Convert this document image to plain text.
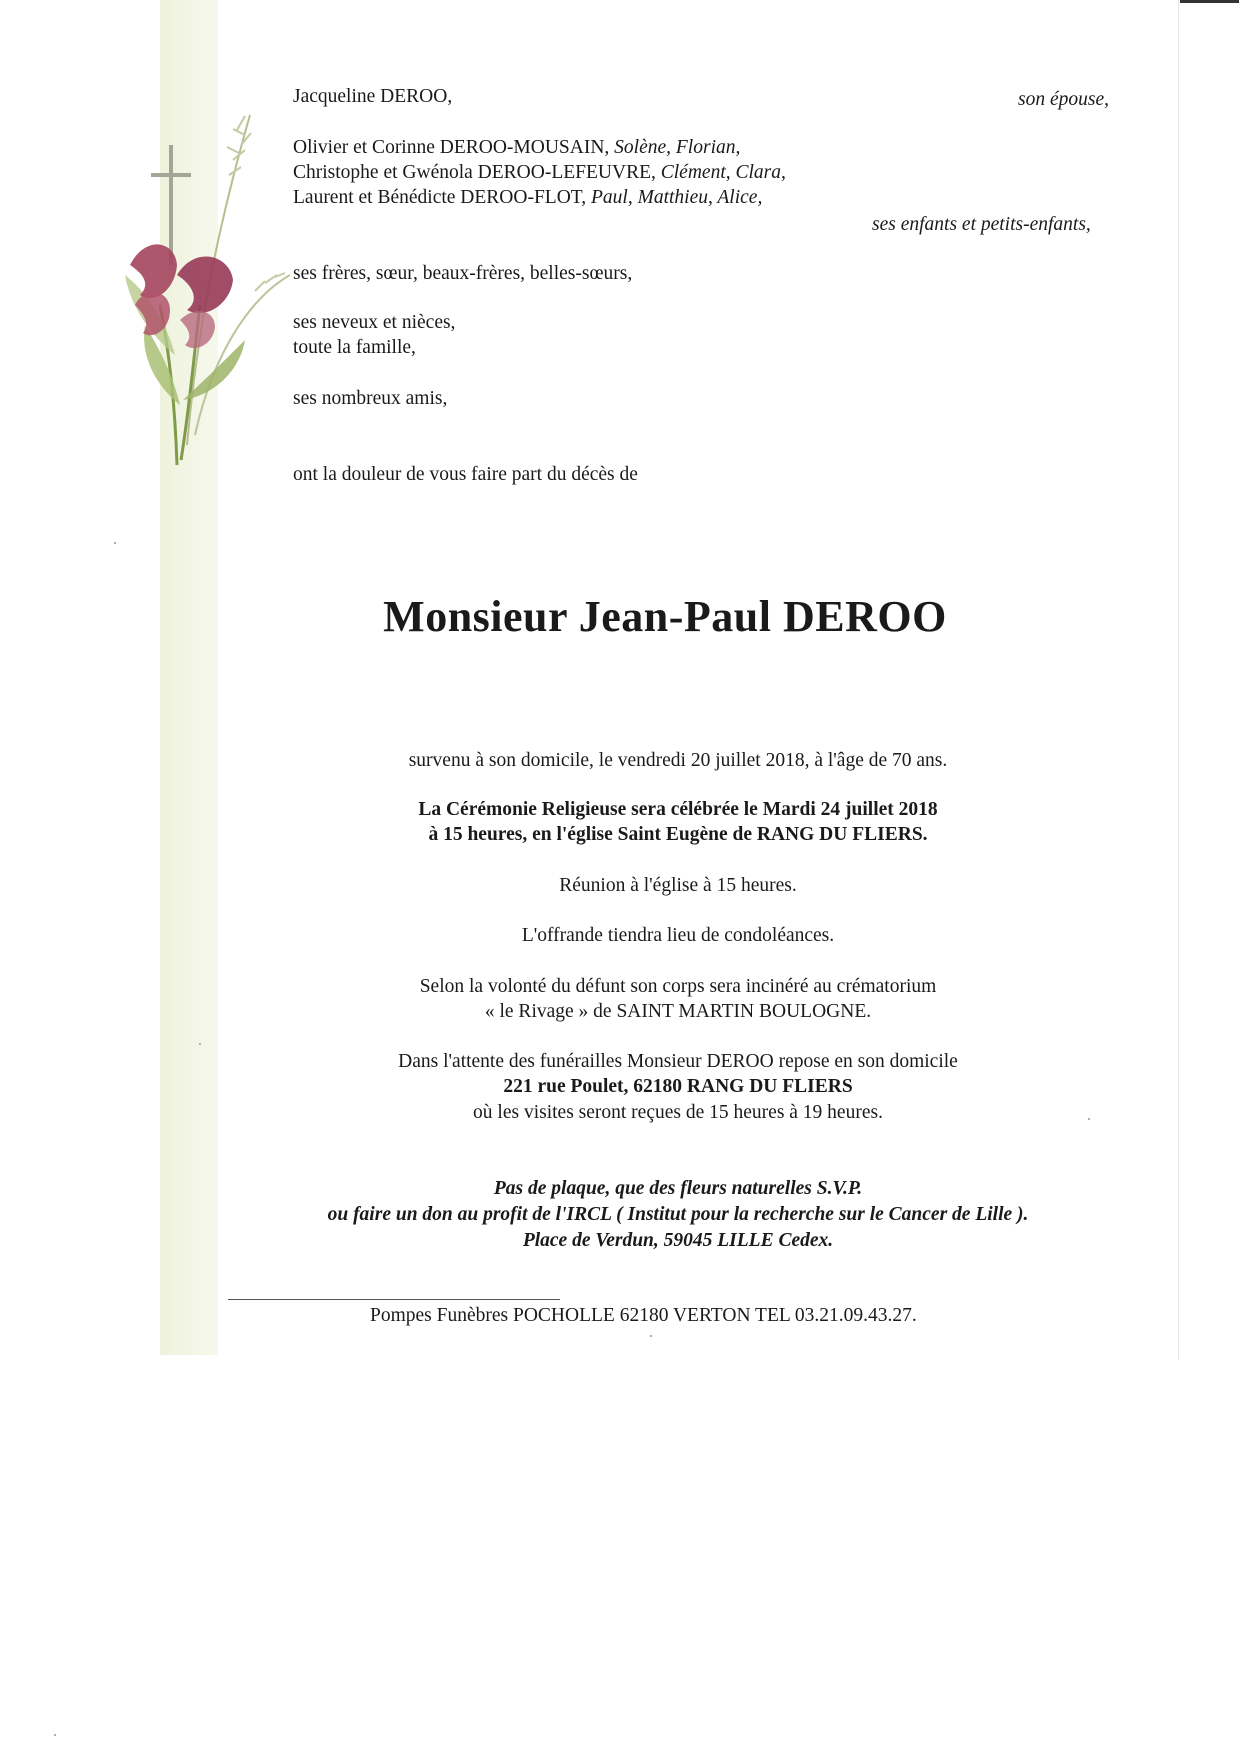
Jacqueline DEROO,	son épouse,
Olivier et Corinne DEROO-MOUSAIN, Solène, Florian,
Christophe et Gwénola DEROO-LEFEUVRE, Clément, Clara,
Laurent et Bénédicte DEROO-FLOT, Paul, Matthieu, Alice,
ses enfants et petits-enfants,
ses frères, sœur, beaux-frères, belles-sœurs,
ses neveux et nièces,
toute la famille,
ses nombreux amis,
ont la douleur de vous faire part du décès de
Monsieur Jean-Paul DEROO
survenu à son domicile, le vendredi 20 juillet 2018, à l'âge de 70 ans.
La Cérémonie Religieuse sera célébrée le Mardi 24 juillet 2018
à 15 heures, en l'église Saint Eugène de RANG DU FLIERS.
Réunion à l'église à 15 heures.
L'offrande tiendra lieu de condoléances.
Selon la volonté du défunt son corps sera incinéré au crématorium
« le Rivage » de SAINT MARTIN BOULOGNE.
Dans l'attente des funérailles Monsieur DEROO repose en son domicile
221 rue Poulet, 62180 RANG DU FLIERS
où les visites seront reçues de 15 heures à 19 heures.
Pas de plaque, que des fleurs naturelles S.V.P.
ou faire un don au profit de l'IRCL ( Institut pour la recherche sur le Cancer de Lille ).
Place de Verdun, 59045 LILLE Cedex.
Pompes Funèbres POCHOLLE 62180 VERTON TEL 03.21.09.43.27.
